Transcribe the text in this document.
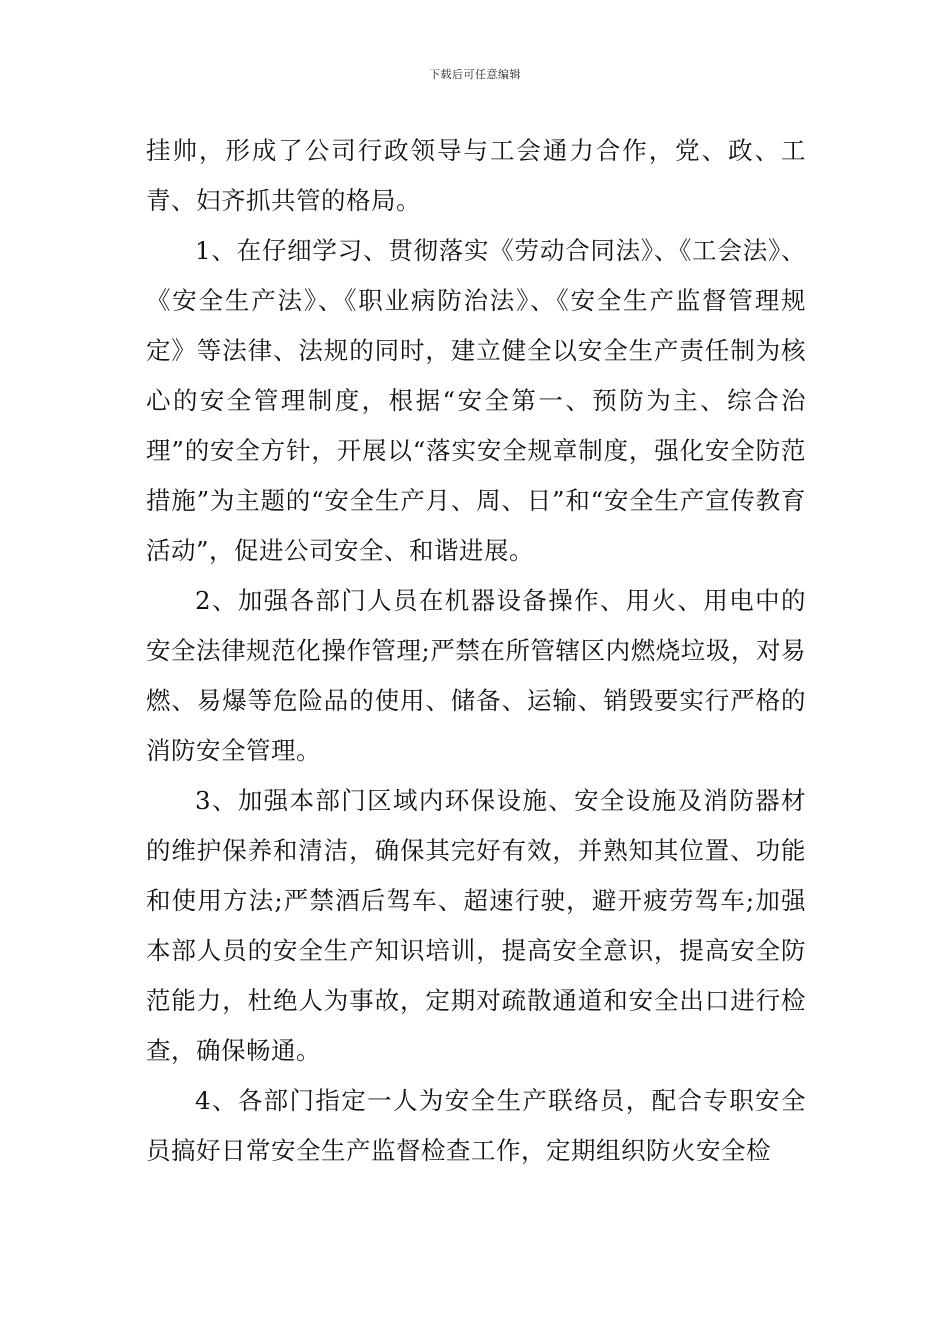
下载后可任意编辑

挂帅，形成了公司行政领导与工会通力合作，党、政、工青、妇齐抓共管的格局。

1、在仔细学习、贯彻落实《劳动合同法》、《工会法》、《安全生产法》、《职业病防治法》、《安全生产监督管理规定》等法律、法规的同时，建立健全以安全生产责任制为核心的安全管理制度，根据“安全第一、预防为主、综合治理”的安全方针，开展以“落实安全规章制度，强化安全防范措施”为主题的“安全生产月、周、日”和“安全生产宣传教育活动”，促进公司安全、和谐进展。

2、加强各部门人员在机器设备操作、用火、用电中的安全法律规范化操作管理;严禁在所管辖区内燃烧垃圾，对易燃、易爆等危险品的使用、储备、运输、销毁要实行严格的消防安全管理。

3、加强本部门区域内环保设施、安全设施及消防器材的维护保养和清洁，确保其完好有效，并熟知其位置、功能和使用方法;严禁酒后驾车、超速行驶，避开疲劳驾车;加强本部人员的安全生产知识培训，提高安全意识，提高安全防范能力，杜绝人为事故，定期对疏散通道和安全出口进行检查，确保畅通。

4、各部门指定一人为安全生产联络员，配合专职安全员搞好日常安全生产监督检查工作，定期组织防火安全检
